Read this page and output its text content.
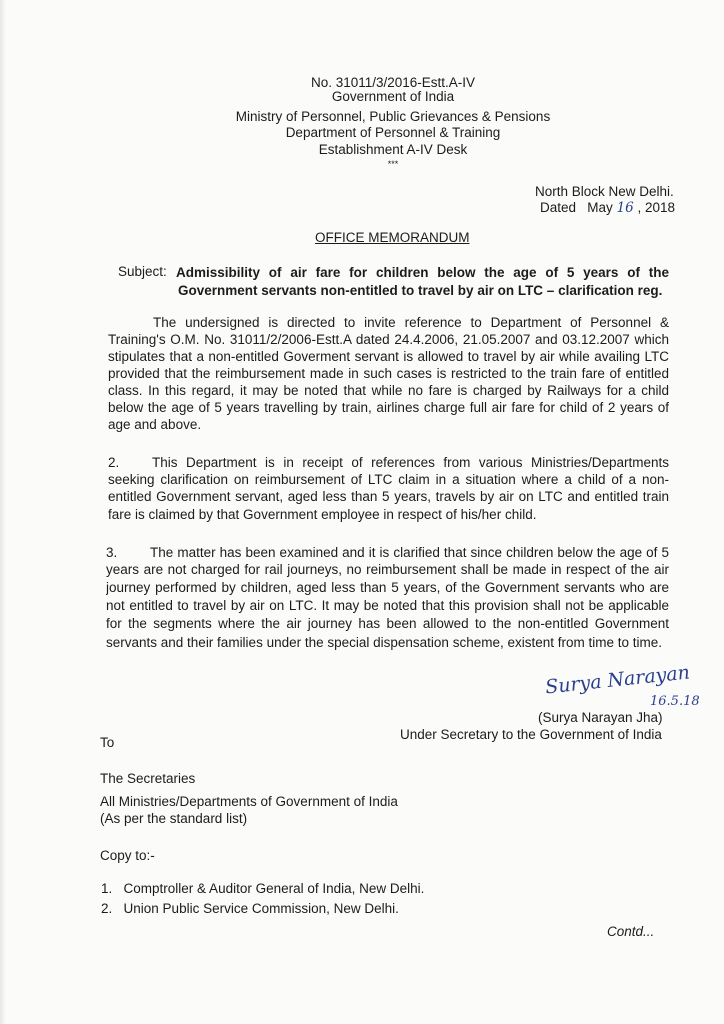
No. 31011/3/2016-Estt.A-IV
Government of India
Ministry of Personnel, Public Grievances & Pensions
Department of Personnel & Training
Establishment A-IV Desk
***
North Block New Delhi.
Dated May 16 , 2018
OFFICE MEMORANDUM
Subject: Admissibility of air fare for children below the age of 5 years of the
Government servants non-entitled to travel by air on LTC – clarification reg.
The undersigned is directed to invite reference to Department of Personnel &
Training's O.M. No. 31011/2/2006-Estt.A dated 24.4.2006, 21.05.2007 and 03.12.2007 which
stipulates that a non-entitled Goverment servant is allowed to travel by air while availing LTC
provided that the reimbursement made in such cases is restricted to the train fare of entitled
class. In this regard, it may be noted that while no fare is charged by Railways for a child
below the age of 5 years travelling by train, airlines charge full air fare for child of 2 years of
age and above.
2. This Department is in receipt of references from various Ministries/Departments
seeking clarification on reimbursement of LTC claim in a situation where a child of a non-
entitled Government servant, aged less than 5 years, travels by air on LTC and entitled train
fare is claimed by that Government employee in respect of his/her child.
3. The matter has been examined and it is clarified that since children below the age of 5
years are not charged for rail journeys, no reimbursement shall be made in respect of the air
journey performed by children, aged less than 5 years, of the Government servants who are
not entitled to travel by air on LTC. It may be noted that this provision shall not be applicable
for the segments where the air journey has been allowed to the non-entitled Government
servants and their families under the special dispensation scheme, existent from time to time.
Surya Narayan
16.5.18
(Surya Narayan Jha)
Under Secretary to the Government of India
To
The Secretaries
All Ministries/Departments of Government of India
(As per the standard list)
Copy to:-
1. Comptroller & Auditor General of India, New Delhi.
2. Union Public Service Commission, New Delhi.
Contd...
